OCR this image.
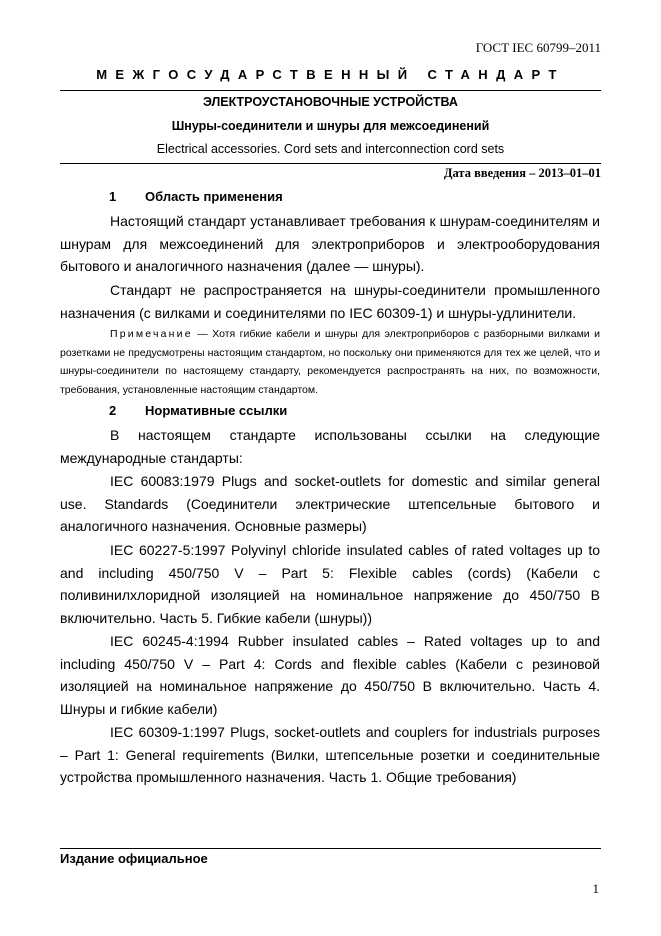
ГОСТ IEC 60799–2011
МЕЖГОСУДАРСТВЕННЫЙ СТАНДАРТ
ЭЛЕКТРОУСТАНОВОЧНЫЕ УСТРОЙСТВА
Шнуры-соединители и шнуры для межсоединений
Electrical accessories. Cord sets and interconnection cord sets
Дата введения – 2013–01–01
1 Область применения

Настоящий стандарт устанавливает требования к шнурам-соединителям и шнурам для межсоединений для электроприборов и электрооборудования бытового и аналогичного назначения (далее — шнуры).

Стандарт не распространяется на шнуры-соединители промышленного назначения (с вилками и соединителями по IEC 60309-1) и шнуры-удлинители.

Примечание — Хотя гибкие кабели и шнуры для электроприборов с разборными вилками и розетками не предусмотрены настоящим стандартом, но поскольку они применяются для тех же целей, что и шнуры-соединители по настоящему стандарту, рекомендуется распространять на них, по возможности, требования, установленные настоящим стандартом.

2 Нормативные ссылки

В настоящем стандарте использованы ссылки на следующие международные стандарты:

IEC 60083:1979 Plugs and socket-outlets for domestic and similar general use. Standards (Соединители электрические штепсельные бытового и аналогичного назначения. Основные размеры)

IEC 60227-5:1997 Polyvinyl chloride insulated cables of rated voltages up to and including 450/750 V – Part 5: Flexible cables (cords) (Кабели с поливинилхлоридной изоляцией на номинальное напряжение до 450/750 В включительно. Часть 5. Гибкие кабели (шнуры))

IEC 60245-4:1994 Rubber insulated cables – Rated voltages up to and including 450/750 V – Part 4: Cords and flexible cables (Кабели с резиновой изоляцией на номинальное напряжение до 450/750 В включительно. Часть 4. Шнуры и гибкие кабели)

IEC 60309-1:1997 Plugs, socket-outlets and couplers for industrials purposes – Part 1: General requirements (Вилки, штепсельные розетки и соединительные устройства промышленного назначения. Часть 1. Общие требования)

Издание официальное
1
